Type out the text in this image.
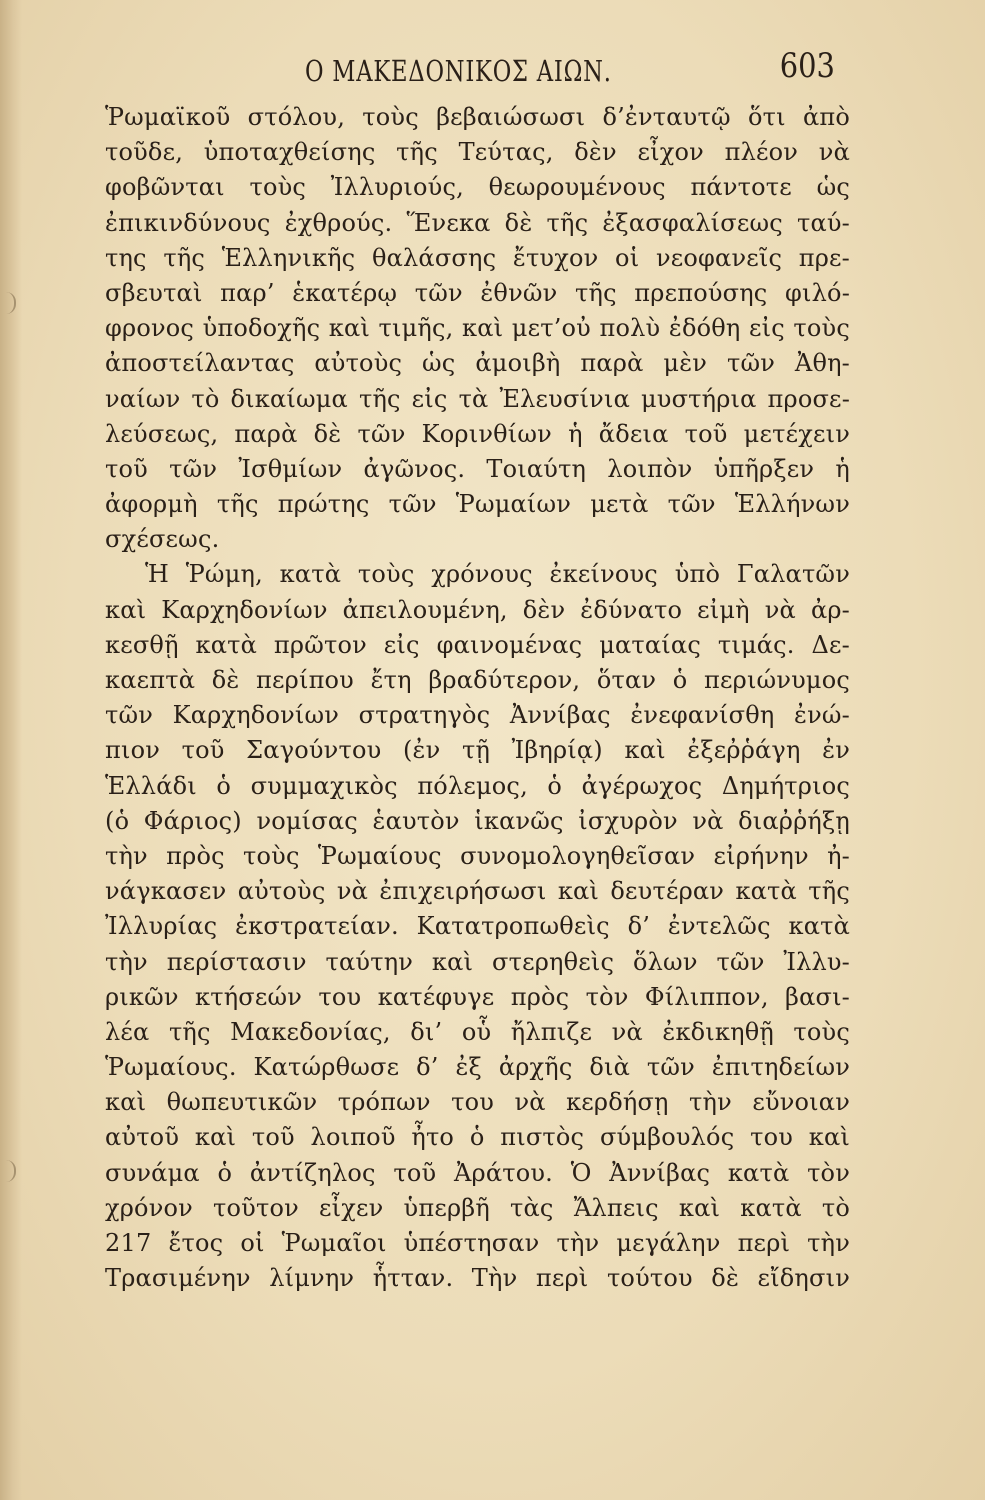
Ο ΜΑΚΕΔΟΝΙΚΟΣ ΑΙΩΝ.	603
Ῥωμαϊκοῦ στόλου, τοὺς βεβαιώσωσι δ’ἐνταυτῷ ὅτι ἀπὸ
τοῦδε, ὑποταχθείσης τῆς Τεύτας, δὲν εἶχον πλέον νὰ
φοβῶνται τοὺς Ἰλλυριούς, θεωρουμένους πάντοτε ὡς
ἐπικινδύνους ἐχθρούς. Ἕνεκα δὲ τῆς ἐξασφαλίσεως ταύ-
της τῆς Ἑλληνικῆς θαλάσσης ἔτυχον οἱ νεοφανεῖς πρε-
σβευταὶ παρ’ ἑκατέρῳ τῶν ἐθνῶν τῆς πρεπούσης φιλό-
φρονος ὑποδοχῆς καὶ τιμῆς, καὶ μετ’οὐ πολὺ ἐδόθη εἰς τοὺς
ἀποστείλαντας αὐτοὺς ὡς ἀμοιβὴ παρὰ μὲν τῶν Ἀθη-
ναίων τὸ δικαίωμα τῆς εἰς τὰ Ἐλευσίνια μυστήρια προσε-
λεύσεως, παρὰ δὲ τῶν Κορινθίων ἡ ἄδεια τοῦ μετέχειν
τοῦ τῶν Ἰσθμίων ἀγῶνος. Τοιαύτη λοιπὸν ὑπῆρξεν ἡ
ἀφορμὴ τῆς πρώτης τῶν Ῥωμαίων μετὰ τῶν Ἑλλήνων
σχέσεως.
Ἡ Ῥώμη, κατὰ τοὺς χρόνους ἐκείνους ὑπὸ Γαλατῶν
καὶ Καρχηδονίων ἀπειλουμένη, δὲν ἐδύνατο εἰμὴ νὰ ἀρ-
κεσθῇ κατὰ πρῶτον εἰς φαινομένας ματαίας τιμάς. Δε-
καεπτὰ δὲ περίπου ἔτη βραδύτερον, ὅταν ὁ περιώνυμος
τῶν Καρχηδονίων στρατηγὸς Ἀννίβας ἐνεφανίσθη ἐνώ-
πιον τοῦ Σαγούντου (ἐν τῇ Ἰβηρίᾳ) καὶ ἐξεῤῥάγη ἐν
Ἑλλάδι ὁ συμμαχικὸς πόλεμος, ὁ ἀγέρωχος Δημήτριος
(ὁ Φάριος) νομίσας ἑαυτὸν ἱκανῶς ἰσχυρὸν νὰ διαῤῥήξῃ
τὴν πρὸς τοὺς Ῥωμαίους συνομολογηθεῖσαν εἰρήνην ἠ-
νάγκασεν αὐτοὺς νὰ ἐπιχειρήσωσι καὶ δευτέραν κατὰ τῆς
Ἰλλυρίας ἐκστρατείαν. Κατατροπωθεὶς δ’ ἐντελῶς κατὰ
τὴν περίστασιν ταύτην καὶ στερηθεὶς ὅλων τῶν Ἰλλυ-
ρικῶν κτήσεών του κατέφυγε πρὸς τὸν Φίλιππον, βασι-
λέα τῆς Μακεδονίας, δι’ οὗ ἤλπιζε νὰ ἐκδικηθῇ τοὺς
Ῥωμαίους. Κατώρθωσε δ’ ἐξ ἀρχῆς διὰ τῶν ἐπιτηδείων
καὶ θωπευτικῶν τρόπων του νὰ κερδήσῃ τὴν εὔνοιαν
αὐτοῦ καὶ τοῦ λοιποῦ ἦτο ὁ πιστὸς σύμβουλός του καὶ
συνάμα ὁ ἀντίζηλος τοῦ Ἀράτου. Ὁ Ἀννίβας κατὰ τὸν
χρόνον τοῦτον εἶχεν ὑπερβῆ τὰς Ἄλπεις καὶ κατὰ τὸ
217 ἔτος οἱ Ῥωμαῖοι ὑπέστησαν τὴν μεγάλην περὶ τὴν
Τρασιμένην λίμνην ἧτταν. Τὴν περὶ τούτου δὲ εἴδησιν
